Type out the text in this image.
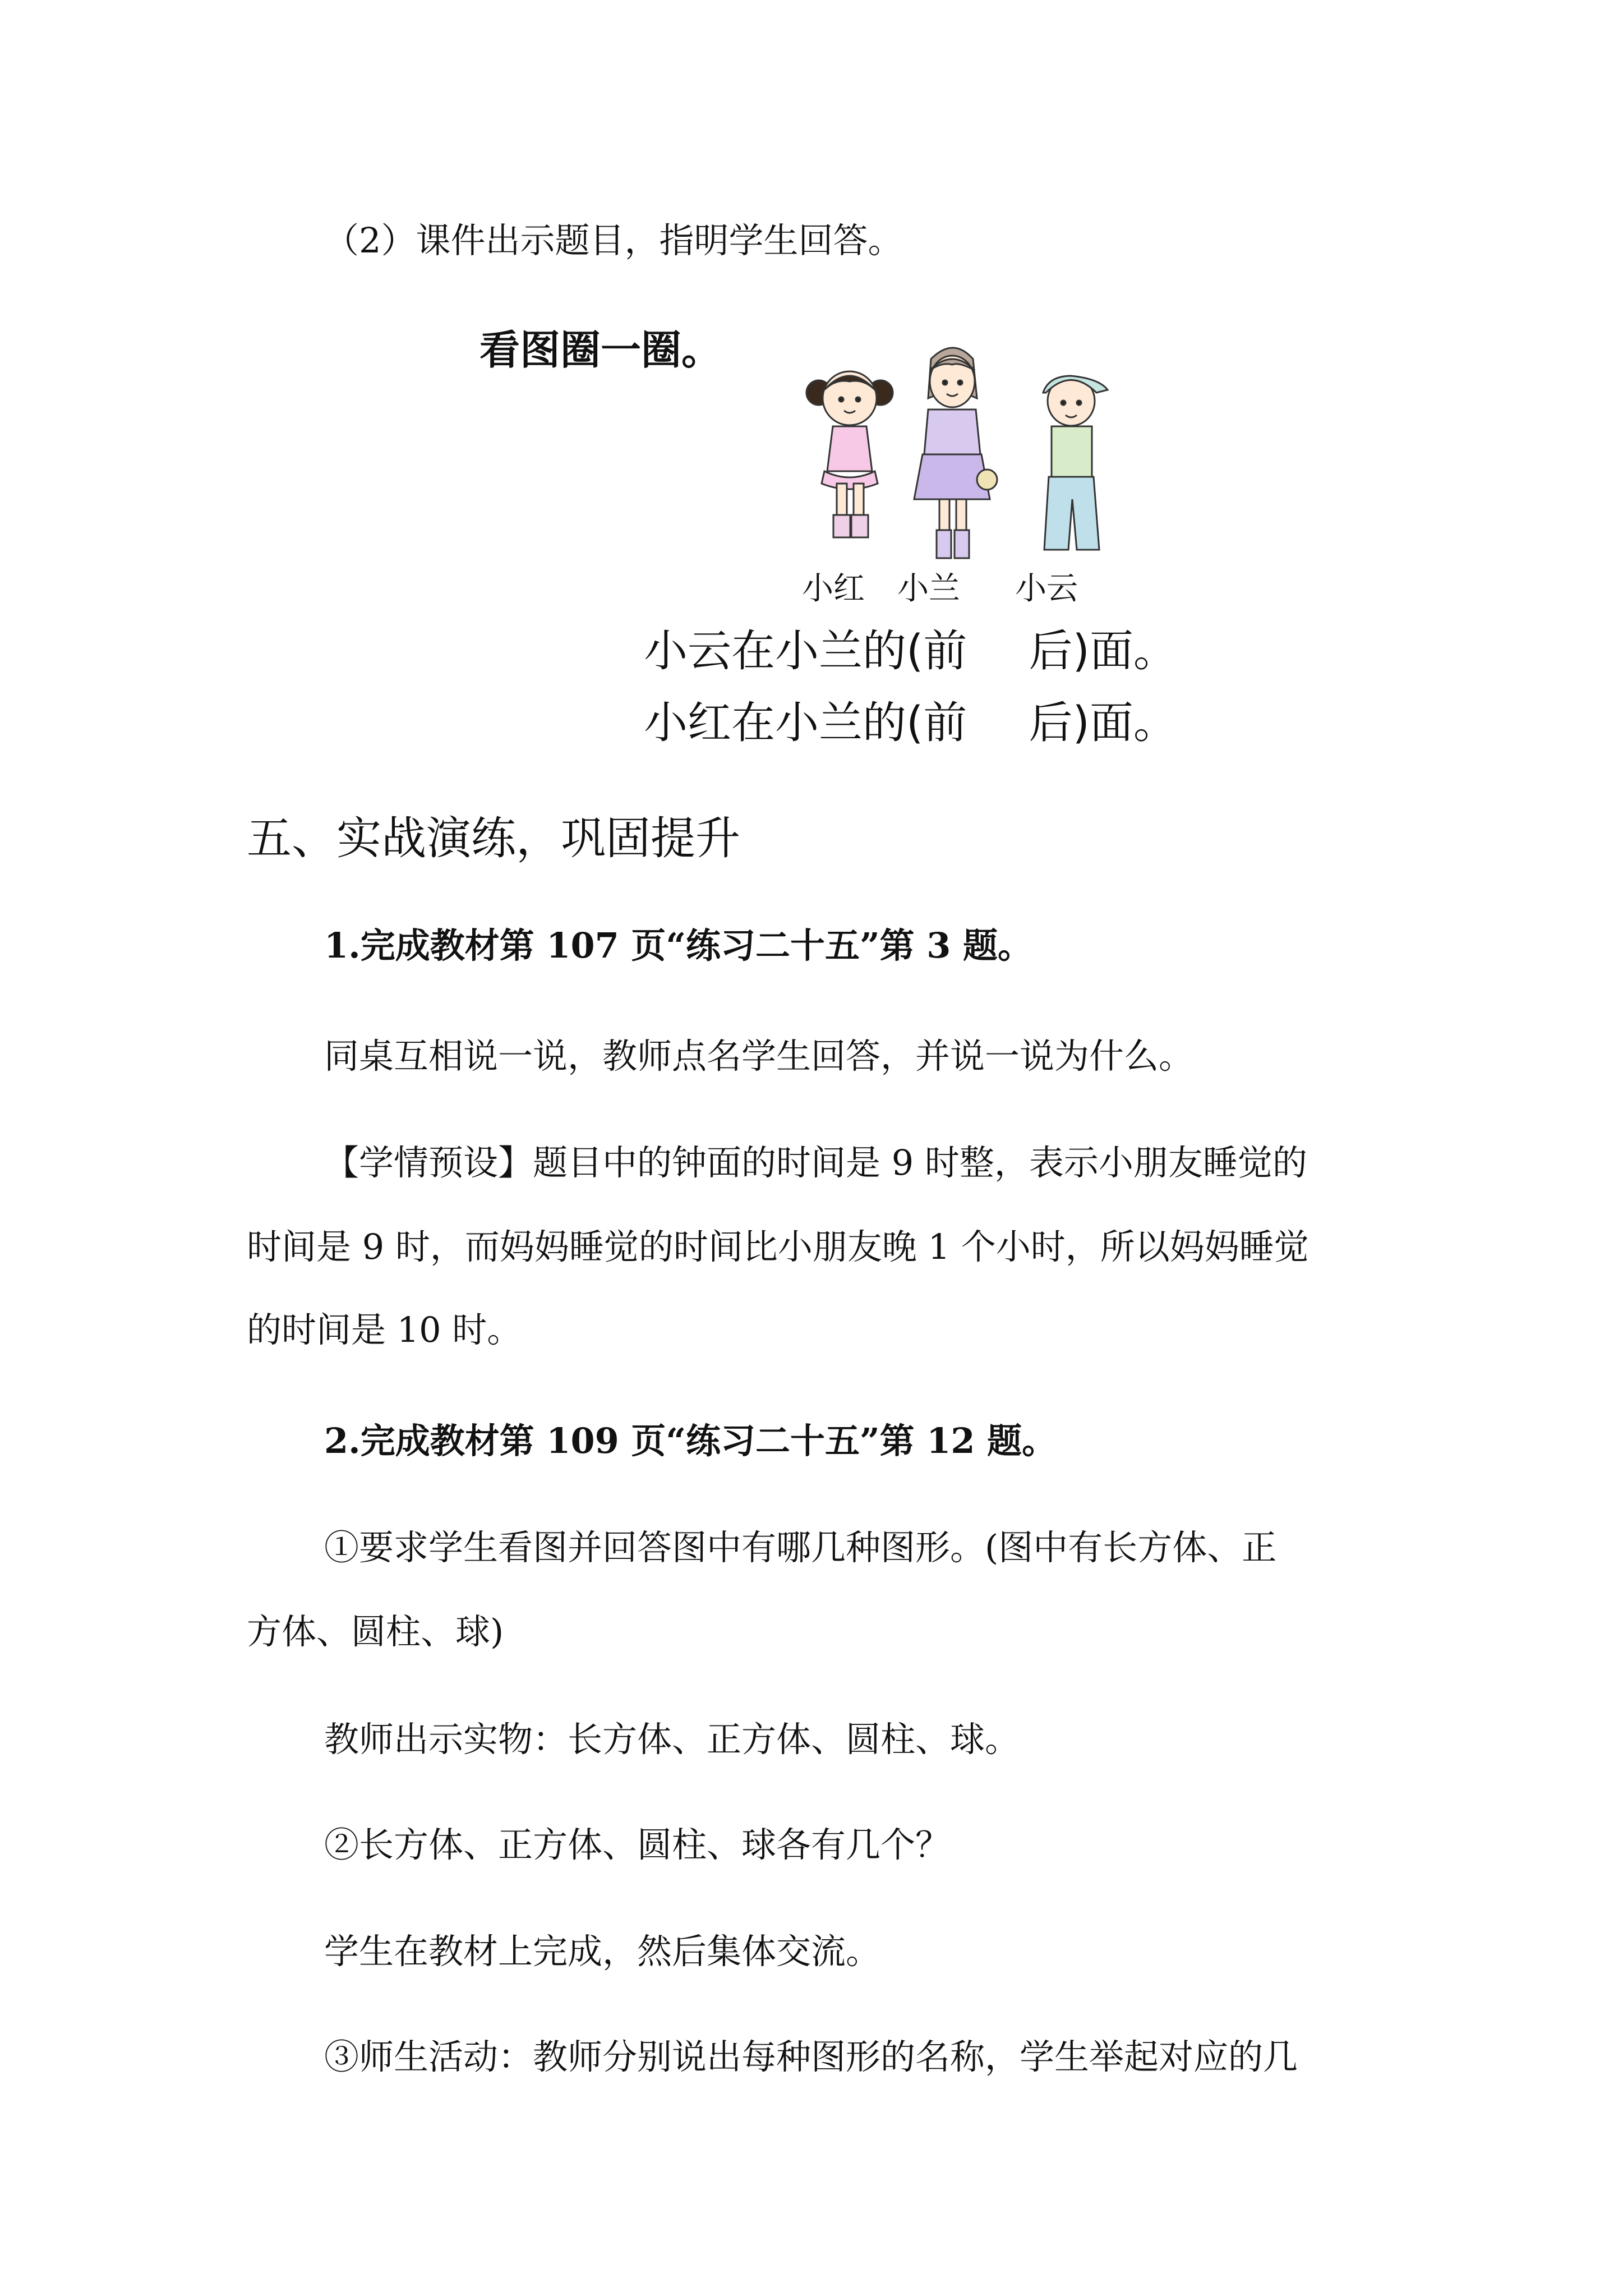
（2）课件出示题目，指明学生回答。
看图圈一圈。
小红 小兰 小云
小云在小兰的(前 后)面。
小红在小兰的(前 后)面。
五、实战演练，巩固提升
1.完成教材第 107 页“练习二十五”第 3 题。
同桌互相说一说，教师点名学生回答，并说一说为什么。
【学情预设】题目中的钟面的时间是 9 时整，表示小朋友睡觉的
时间是 9 时，而妈妈睡觉的时间比小朋友晚 1 个小时，所以妈妈睡觉
的时间是 10 时。
2.完成教材第 109 页“练习二十五”第 12 题。
①要求学生看图并回答图中有哪几种图形。(图中有长方体、正
方体、圆柱、球)
教师出示实物：长方体、正方体、圆柱、球。
②长方体、正方体、圆柱、球各有几个？
学生在教材上完成，然后集体交流。
③师生活动：教师分别说出每种图形的名称，学生举起对应的几
